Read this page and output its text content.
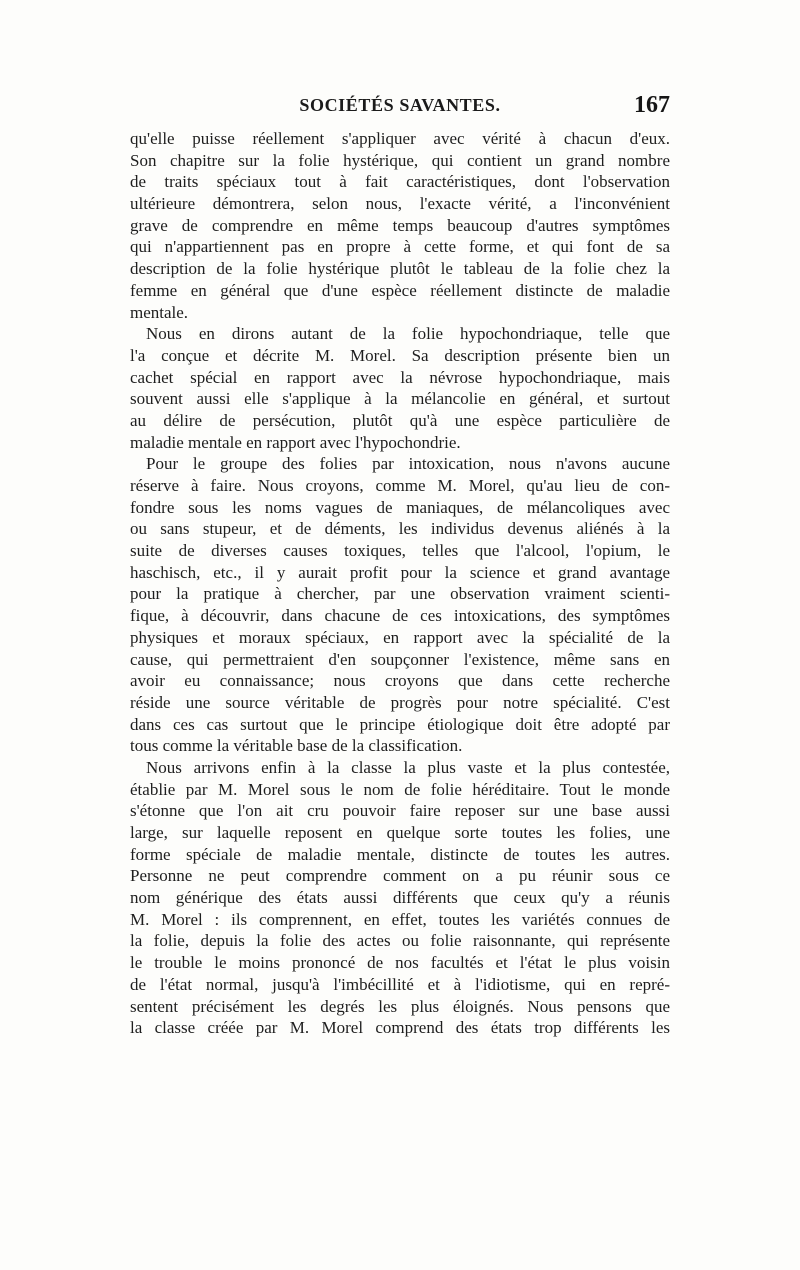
SOCIÉTÉS SAVANTES.	167
qu'elle puisse réellement s'appliquer avec vérité à chacun d'eux.
Son chapitre sur la folie hystérique, qui contient un grand nombre
de traits spéciaux tout à fait caractéristiques, dont l'observation
ultérieure démontrera, selon nous, l'exacte vérité, a l'inconvénient
grave de comprendre en même temps beaucoup d'autres symptômes
qui n'appartiennent pas en propre à cette forme, et qui font de sa
description de la folie hystérique plutôt le tableau de la folie chez la
femme en général que d'une espèce réellement distincte de maladie
mentale.
Nous en dirons autant de la folie hypochondriaque, telle que
l'a conçue et décrite M. Morel. Sa description présente bien un
cachet spécial en rapport avec la névrose hypochondriaque, mais
souvent aussi elle s'applique à la mélancolie en général, et surtout
au délire de persécution, plutôt qu'à une espèce particulière de
maladie mentale en rapport avec l'hypochondrie.
Pour le groupe des folies par intoxication, nous n'avons aucune
réserve à faire. Nous croyons, comme M. Morel, qu'au lieu de con-
fondre sous les noms vagues de maniaques, de mélancoliques avec
ou sans stupeur, et de déments, les individus devenus aliénés à la
suite de diverses causes toxiques, telles que l'alcool, l'opium, le
haschisch, etc., il y aurait profit pour la science et grand avantage
pour la pratique à chercher, par une observation vraiment scienti-
fique, à découvrir, dans chacune de ces intoxications, des symptômes
physiques et moraux spéciaux, en rapport avec la spécialité de la
cause, qui permettraient d'en soupçonner l'existence, même sans en
avoir eu connaissance; nous croyons que dans cette recherche
réside une source véritable de progrès pour notre spécialité. C'est
dans ces cas surtout que le principe étiologique doit être adopté par
tous comme la véritable base de la classification.
Nous arrivons enfin à la classe la plus vaste et la plus contestée,
établie par M. Morel sous le nom de folie héréditaire. Tout le monde
s'étonne que l'on ait cru pouvoir faire reposer sur une base aussi
large, sur laquelle reposent en quelque sorte toutes les folies, une
forme spéciale de maladie mentale, distincte de toutes les autres.
Personne ne peut comprendre comment on a pu réunir sous ce
nom générique des états aussi différents que ceux qu'y a réunis
M. Morel : ils comprennent, en effet, toutes les variétés connues de
la folie, depuis la folie des actes ou folie raisonnante, qui représente
le trouble le moins prononcé de nos facultés et l'état le plus voisin
de l'état normal, jusqu'à l'imbécillité et à l'idiotisme, qui en repré-
sentent précisément les degrés les plus éloignés. Nous pensons que
la classe créée par M. Morel comprend des états trop différents les
